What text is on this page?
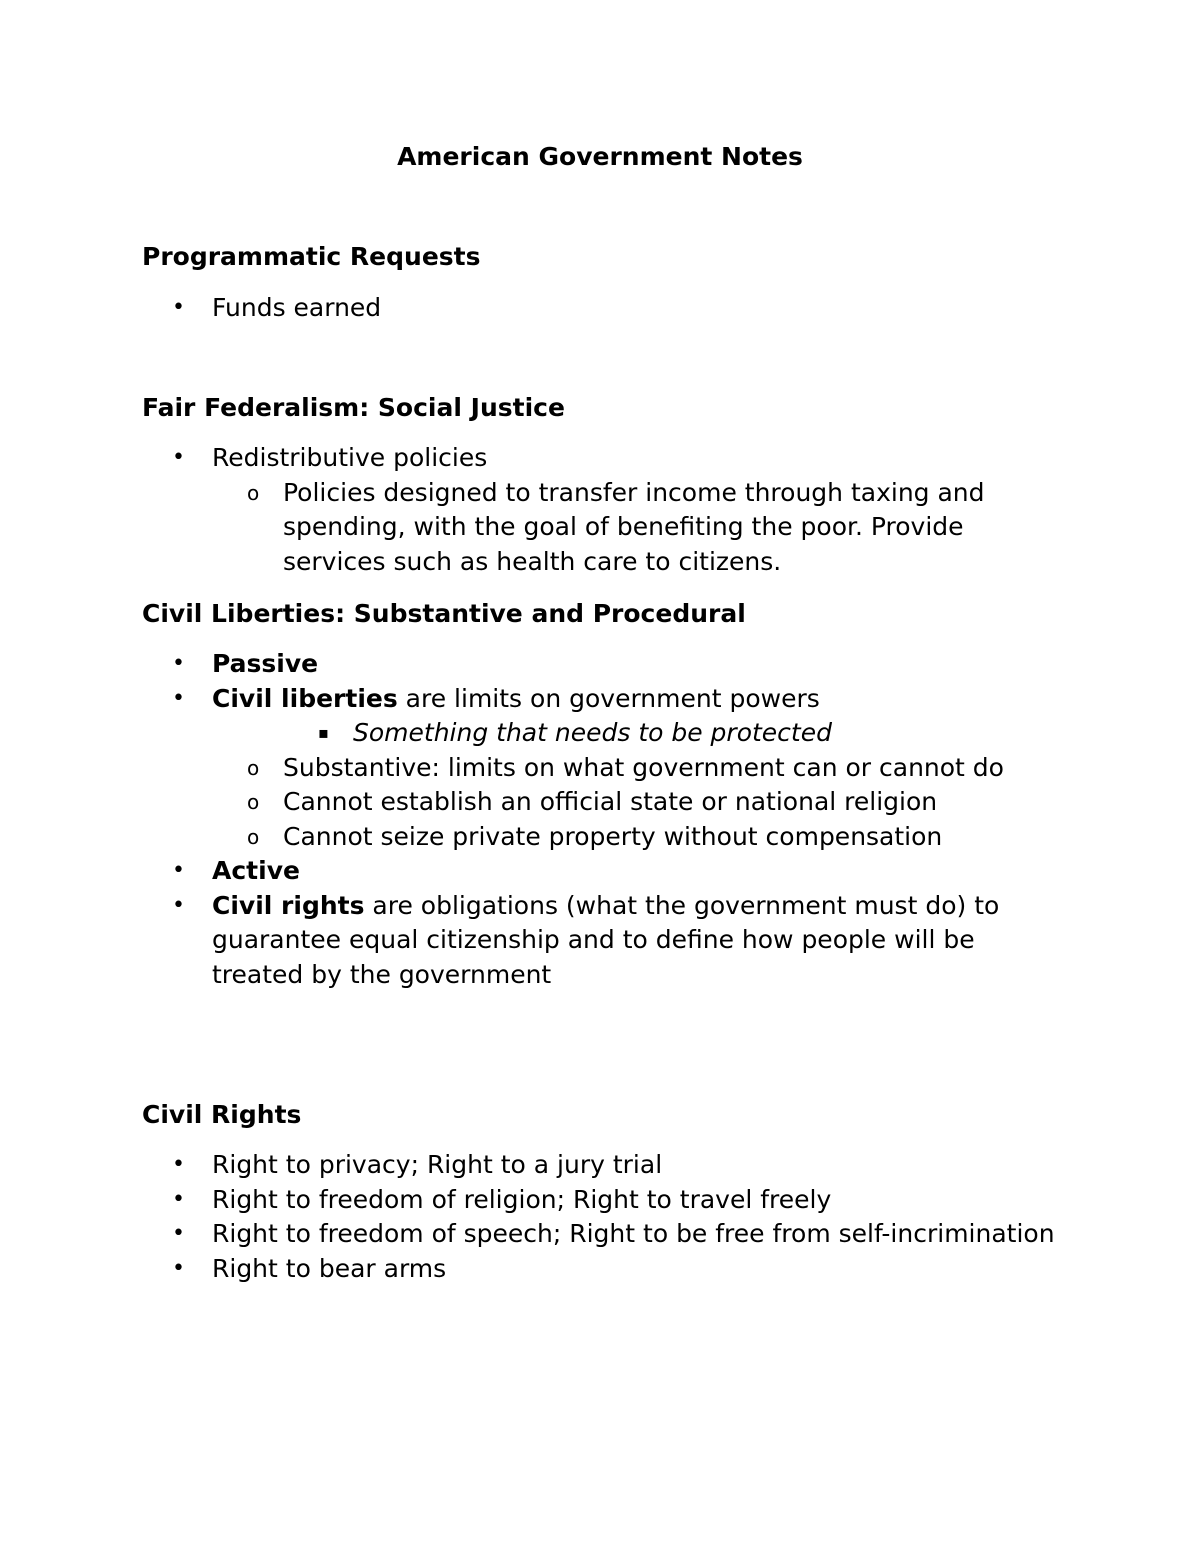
American Government Notes
Programmatic Requests

• Funds earned

Fair Federalism: Social Justice

• Redistributive policies

o Policies designed to transfer income through taxing and spending, with the goal of benefiting the poor. Provide services such as health care to citizens.

Civil Liberties: Substantive and Procedural

• Passive

• Civil liberties are limits on government powers

▪ Something that needs to be protected

o Substantive: limits on what government can or cannot do

o Cannot establish an official state or national religion

o Cannot seize private property without compensation

• Active

• Civil rights are obligations (what the government must do) to guarantee equal citizenship and to define how people will be treated by the government

Civil Rights

• Right to privacy; Right to a jury trial

• Right to freedom of religion; Right to travel freely

• Right to freedom of speech; Right to be free from self-incrimination

• Right to bear arms
